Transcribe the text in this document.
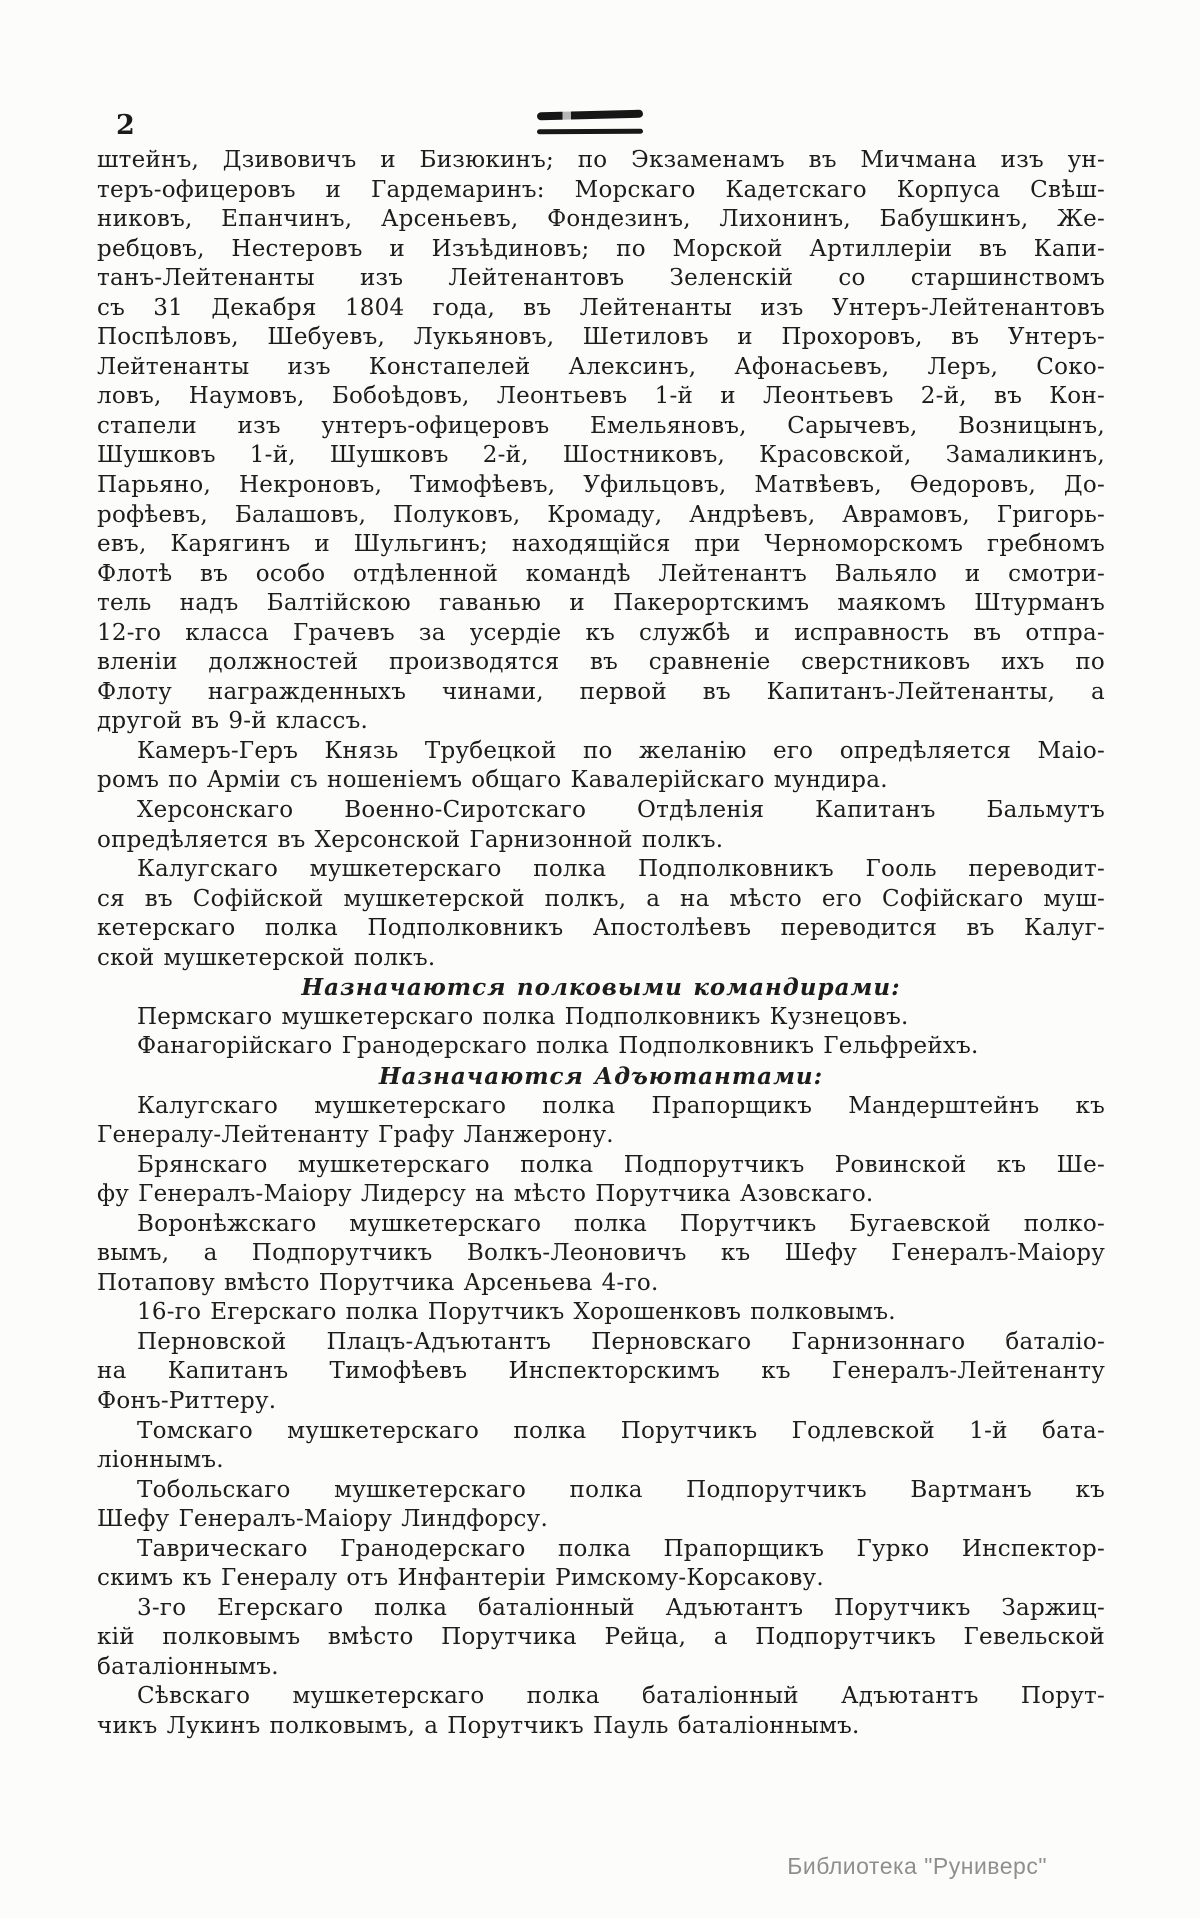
2
штейнъ, Дзивовичъ и Бизюкинъ; по Экзаменамъ въ Мичмана изъ ун-
теръ-офицеровъ и Гардемаринъ: Морскаго Кадетскаго Корпуса Свѣш-
никовъ, Епанчинъ, Арсеньевъ, Фондезинъ, Лихонинъ, Бабушкинъ, Же-
ребцовъ, Нестеровъ и Изъѣдиновъ; по Морской Артиллеріи въ Капи-
танъ-Лейтенанты изъ Лейтенантовъ Зеленскій со старшинствомъ
съ 31 Декабря 1804 года, въ Лейтенанты изъ Унтеръ-Лейтенантовъ
Поспѣловъ, Шебуевъ, Лукьяновъ, Шетиловъ и Прохоровъ, въ Унтеръ-
Лейтенанты изъ Констапелей Алексинъ, Афонасьевъ, Леръ, Соко-
ловъ, Наумовъ, Бобоѣдовъ, Леонтьевъ 1-й и Леонтьевъ 2-й, въ Кон-
стапели изъ унтеръ-офицеровъ Емельяновъ, Сарычевъ, Возницынъ,
Шушковъ 1-й, Шушковъ 2-й, Шостниковъ, Красовской, Замаликинъ,
Парьяно, Некроновъ, Тимофѣевъ, Уфильцовъ, Матвѣевъ, Ѳедоровъ, До-
рофѣевъ, Балашовъ, Полуковъ, Кромаду, Андрѣевъ, Аврамовъ, Григорь-
евъ, Карягинъ и Шульгинъ; находящійся при Черноморскомъ гребномъ
Флотѣ въ особо отдѣленной командѣ Лейтенантъ Вальяло и смотри-
тель надъ Балтійскою гаванью и Пакерортскимъ маякомъ Штурманъ
12-го класса Грачевъ за усердіе къ службѣ и исправность въ отпра-
вленіи должностей производятся въ сравненіе сверстниковъ ихъ по
Флоту награжденныхъ чинами, первой въ Капитанъ-Лейтенанты, а
другой въ 9-й классъ.
Камеръ-Геръ Князь Трубецкой по желанію его опредѣляется Маіо-
ромъ по Арміи съ ношеніемъ общаго Кавалерійскаго мундира.
Херсонскаго Военно-Сиротскаго Отдѣленія Капитанъ Бальмутъ
опредѣляется въ Херсонской Гарнизонной полкъ.
Калугскаго мушкетерскаго полка Подполковникъ Гооль переводит-
ся въ Софійской мушкетерской полкъ, а на мѣсто его Софійскаго муш-
кетерскаго полка Подполковникъ Апостолѣевъ переводится въ Калуг-
ской мушкетерской полкъ.
Назначаются полковыми командирами:
Пермскаго мушкетерскаго полка Подполковникъ Кузнецовъ.
Фанагорійскаго Гранодерскаго полка Подполковникъ Гельфрейхъ.
Назначаются Адъютантами:
Калугскаго мушкетерскаго полка Прапорщикъ Мандерштейнъ къ
Генералу-Лейтенанту Графу Ланжерону.
Брянскаго мушкетерскаго полка Подпорутчикъ Ровинской къ Ше-
фу Генералъ-Маіору Лидерсу на мѣсто Порутчика Азовскаго.
Воронѣжскаго мушкетерскаго полка Порутчикъ Бугаевской полко-
вымъ, а Подпорутчикъ Волкъ-Леоновичъ къ Шефу Генералъ-Маіору
Потапову вмѣсто Порутчика Арсеньева 4-го.
16-го Егерскаго полка Порутчикъ Хорошенковъ полковымъ.
Перновской Плацъ-Адъютантъ Перновскаго Гарнизоннаго баталіо-
на Капитанъ Тимофѣевъ Инспекторскимъ къ Генералъ-Лейтенанту
Фонъ-Риттеру.
Томскаго мушкетерскаго полка Порутчикъ Годлевской 1-й бата-
ліоннымъ.
Тобольскаго мушкетерскаго полка Подпорутчикъ Вартманъ къ
Шефу Генералъ-Маіору Линдфорсу.
Таврическаго Гранодерскаго полка Прапорщикъ Гурко Инспектор-
скимъ къ Генералу отъ Инфантеріи Римскому-Корсакову.
3-го Егерскаго полка баталіонный Адъютантъ Порутчикъ Заржиц-
кій полковымъ вмѣсто Порутчика Рейца, а Подпорутчикъ Гевельской
баталіоннымъ.
Сѣвскаго мушкетерскаго полка баталіонный Адъютантъ Порут-
чикъ Лукинъ полковымъ, а Порутчикъ Пауль баталіоннымъ.
Библиотека "Руниверс"
